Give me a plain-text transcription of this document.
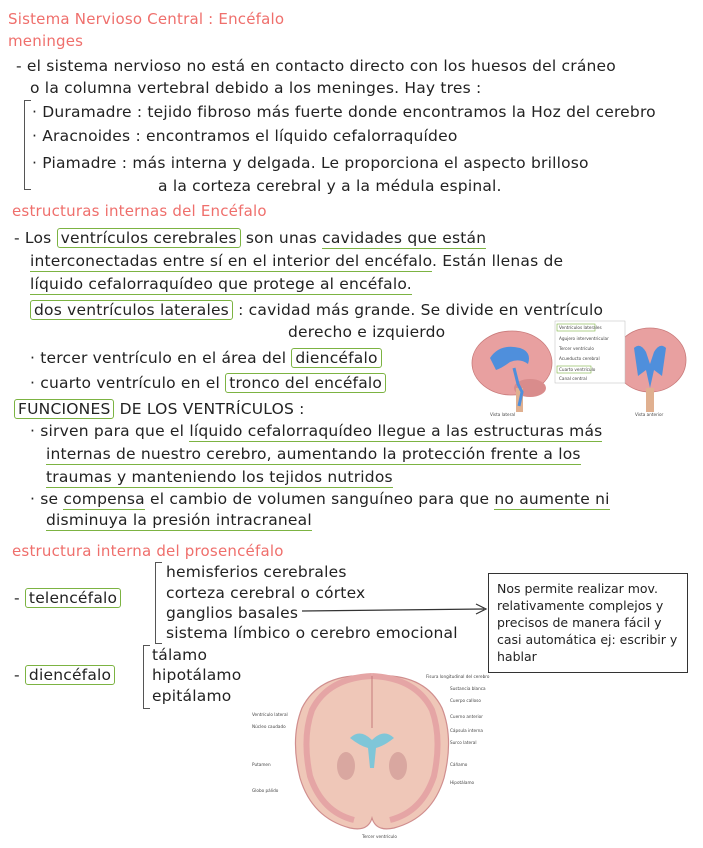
Sistema Nervioso Central : Encéfalo
meninges
- el sistema nervioso no está en contacto directo con los huesos del cráneo
o la columna vertebral debido a los meninges. Hay tres :
· Duramadre : tejido fibroso más fuerte donde encontramos la Hoz del cerebro
· Aracnoides : encontramos el líquido cefalorraquídeo
· Piamadre : más interna y delgada. Le proporciona el aspecto brilloso
a la corteza cerebral y a la médula espinal.
estructuras internas del Encéfalo
- Los ventrículos cerebrales son unas cavidades que están
interconectadas entre sí en el interior del encéfalo. Están llenas de
líquido cefalorraquídeo que protege al encéfalo.
dos ventrículos laterales : cavidad más grande. Se divide en ventrículo
derecho e izquierdo
· tercer ventrículo en el área del diencéfalo
· cuarto ventrículo en el tronco del encéfalo
FUNCIONES DE LOS VENTRÍCULOS :
· sirven para que el líquido cefalorraquídeo llegue a las estructuras más
internas de nuestro cerebro, aumentando la protección frente a los
traumas y manteniendo los tejidos nutridos
· se compensa el cambio de volumen sanguíneo para que no aumente ni
disminuya la presión intracraneal
Ventrículos laterales
Agujero interventricular
Tercer ventrículo
Acueducto cerebral
Cuarto ventrículo
Canal central
Vista lateral	Vista anterior
estructura interna del prosencéfalo
- telencéfalo
hemisferios cerebrales
corteza cerebral o córtex
ganglios basales
sistema límbico o cerebro emocional
Nos permite realizar mov. relativamente complejos y precisos de manera fácil y casi automática ej: escribir y hablar
- diencéfalo
tálamo
hipotálamo
epitálamo
Ventrículo lateral
Núcleo caudado
Putamen
Globo pálido
Fisura longitudinal del cerebro
Sustancia blanca
Cuerpo calloso
Cuerno anterior
Cápsula interna
Surco lateral
Cáñamo
Hipotálamo
Tercer ventrículo
